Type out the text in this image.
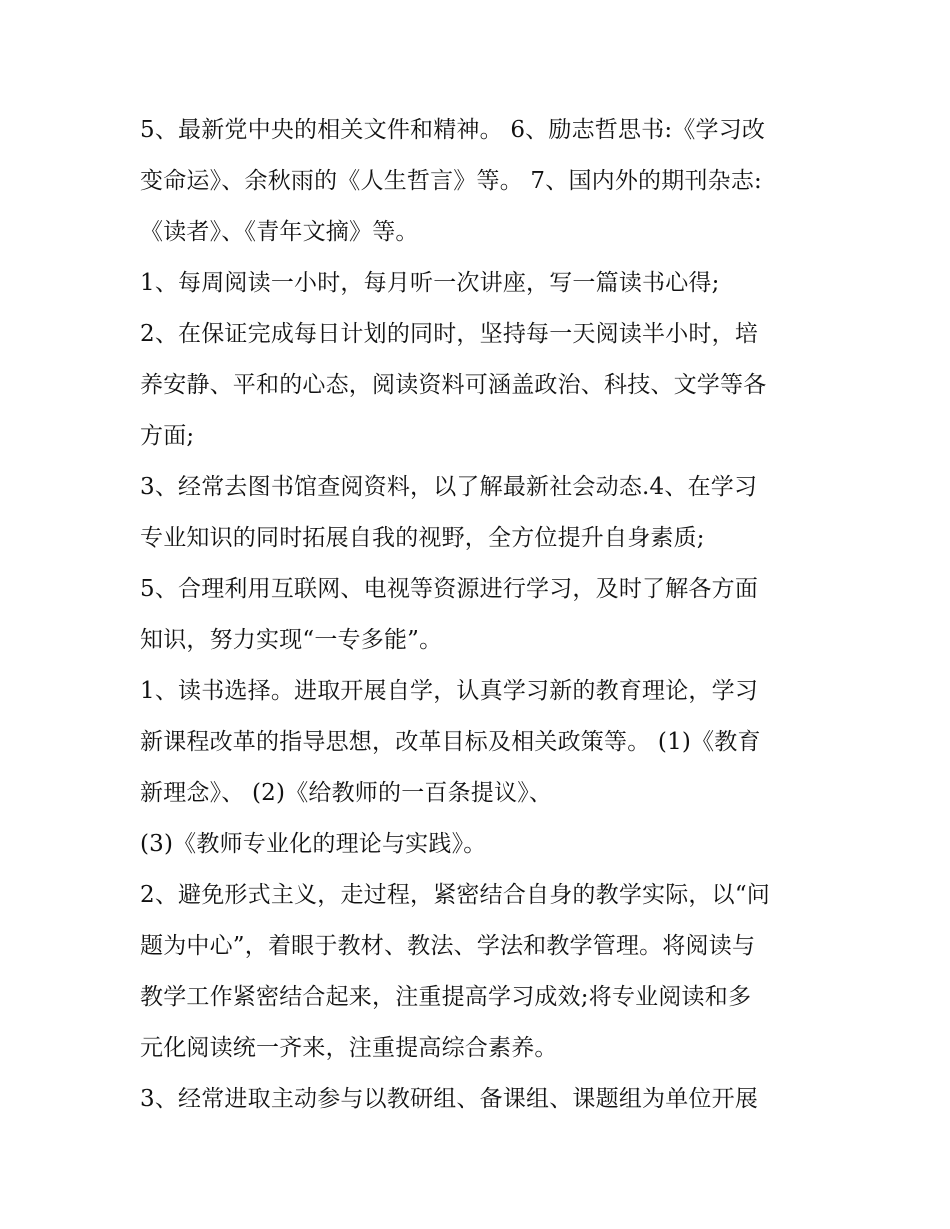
5、最新党中央的相关文件和精神。 6、励志哲思书:《学习改
变命运》、余秋雨的《人生哲言》等。 7、国内外的期刊杂志:
《读者》、《青年文摘》等。
1、每周阅读一小时，每月听一次讲座，写一篇读书心得;
2、在保证完成每日计划的同时，坚持每一天阅读半小时，培
养安静、平和的心态，阅读资料可涵盖政治、科技、文学等各
方面;
3、经常去图书馆查阅资料，以了解最新社会动态.4、在学习
专业知识的同时拓展自我的视野，全方位提升自身素质;
5、合理利用互联网、电视等资源进行学习，及时了解各方面
知识，努力实现“一专多能”。
1、读书选择。进取开展自学，认真学习新的教育理论，学习
新课程改革的指导思想，改革目标及相关政策等。 (1)《教育
新理念》、 (2)《给教师的一百条提议》、
(3)《教师专业化的理论与实践》。
2、避免形式主义，走过程，紧密结合自身的教学实际，以“问
题为中心”，着眼于教材、教法、学法和教学管理。将阅读与
教学工作紧密结合起来，注重提高学习成效;将专业阅读和多
元化阅读统一齐来，注重提高综合素养。
3、经常进取主动参与以教研组、备课组、课题组为单位开展
